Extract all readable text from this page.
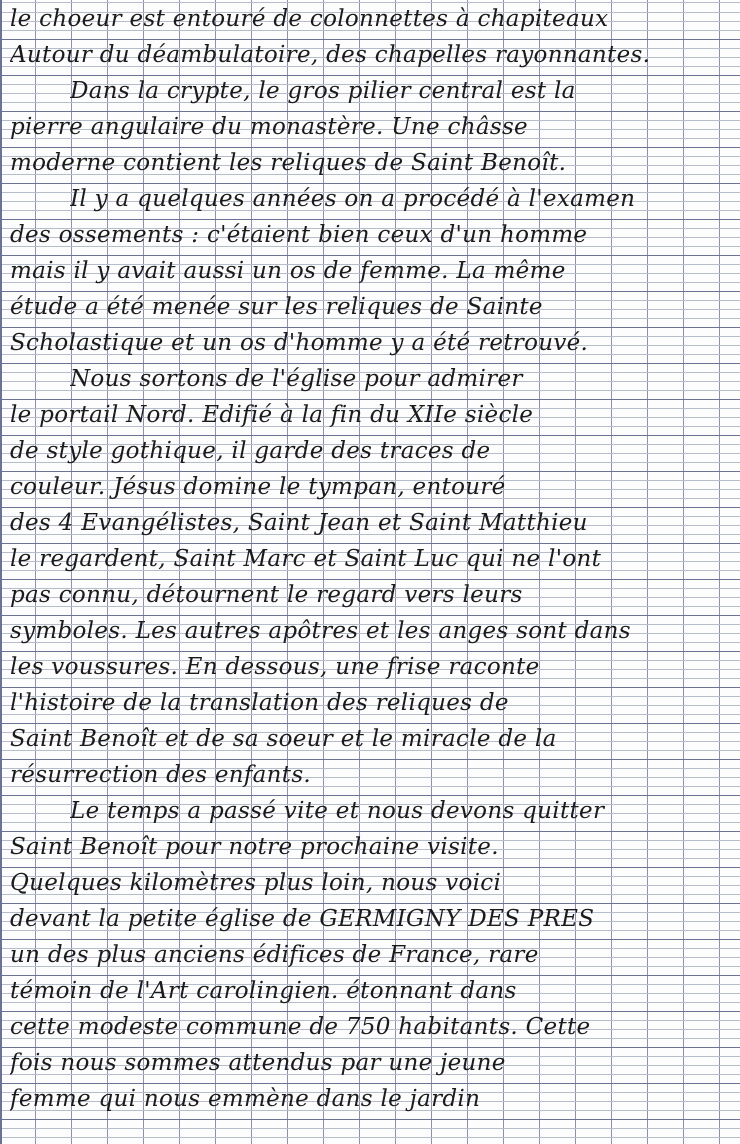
le choeur est entouré de colonnettes à chapiteaux
Autour du déambulatoire, des chapelles rayonnantes.
Dans la crypte, le gros pilier central est la
pierre angulaire du monastère. Une châsse
moderne contient les reliques de Saint Benoît.
Il y a quelques années on a procédé à l'examen
des ossements : c'étaient bien ceux d'un homme
mais il y avait aussi un os de femme. La même
étude a été menée sur les reliques de Sainte
Scholastique et un os d'homme y a été retrouvé.
Nous sortons de l'église pour admirer
le portail Nord. Edifié à la fin du XIIe siècle
de style gothique, il garde des traces de
couleur. Jésus domine le tympan, entouré
des 4 Evangélistes, Saint Jean et Saint Matthieu
le regardent, Saint Marc et Saint Luc qui ne l'ont
pas connu, détournent le regard vers leurs
symboles. Les autres apôtres et les anges sont dans
les voussures. En dessous, une frise raconte
l'histoire de la translation des reliques de
Saint Benoît et de sa soeur et le miracle de la
résurrection des enfants.
Le temps a passé vite et nous devons quitter
Saint Benoît pour notre prochaine visite.
Quelques kilomètres plus loin, nous voici
devant la petite église de GERMIGNY DES PRES
un des plus anciens édifices de France, rare
témoin de l'Art carolingien. étonnant dans
cette modeste commune de 750 habitants. Cette
fois nous sommes attendus par une jeune
femme qui nous emmène dans le jardin
